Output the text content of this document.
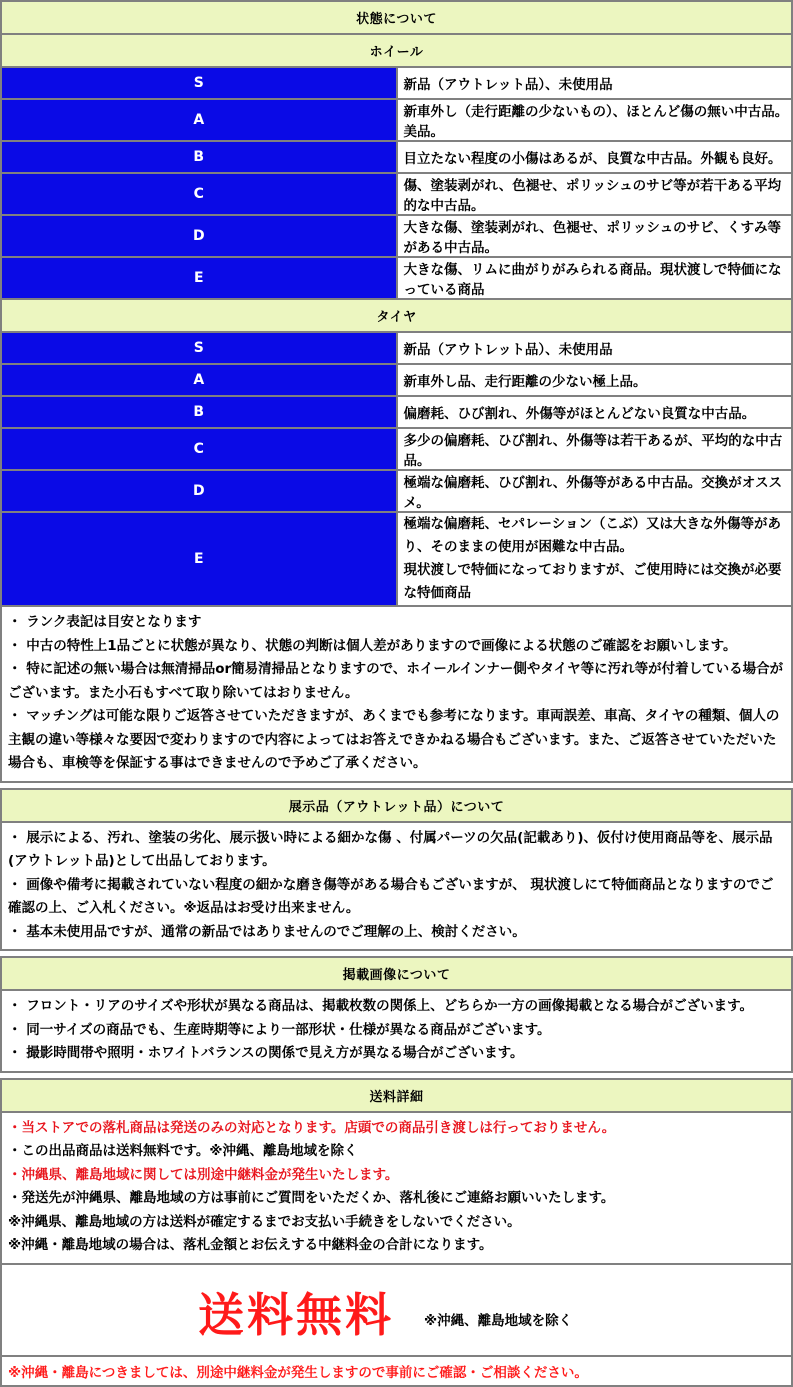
状態について	
ホイール	
S	新品（アウトレット品）、未使用品
A	新車外し（走行距離の少ないもの）、ほとんど傷の無い中古品。美品。
B	目立たない程度の小傷はあるが、良質な中古品。外観も良好。
C	傷、塗装剥がれ、色褪せ、ポリッシュのサビ等が若干ある平均的な中古品。
D	大きな傷、塗装剥がれ、色褪せ、ポリッシュのサビ、くすみ等がある中古品。
E	大きな傷、リムに曲がりがみられる商品。現状渡しで特価になっている商品
タイヤ	
S	新品（アウトレット品）、未使用品
A	新車外し品、走行距離の少ない極上品。
B	偏磨耗、ひび割れ、外傷等がほとんどない良質な中古品。
C	多少の偏磨耗、ひび割れ、外傷等は若干あるが、平均的な中古品。
D	極端な偏磨耗、ひび割れ、外傷等がある中古品。交換がオススメ。
E	極端な偏磨耗、セパレーション（こぶ）又は大きな外傷等があり、そのままの使用が困難な中古品。
現状渡しで特価になっておりますが、ご使用時には交換が必要な特価商品

・ ランク表記は目安となります
・ 中古の特性上1品ごとに状態が異なり、状態の判断は個人差がありますので画像による状態のご確認をお願いします。
・ 特に記述の無い場合は無清掃品or簡易清掃品となりますので、ホイールインナー側やタイヤ等に汚れ等が付着している場合がございます。また小石もすべて取り除いてはおりません。
・ マッチングは可能な限りご返答させていただきますが、あくまでも参考になります。車両誤差、車高、タイヤの種類、個人の主観の違い等様々な要因で変わりますので内容によってはお答えできかねる場合もございます。また、ご返答させていただいた場合も、車検等を保証する事はできませんので予めご了承ください。	
展示品（アウトレット品）について

・ 展示による、汚れ、塗装の劣化、展示扱い時による細かな傷 、付属パーツの欠品(記載あり)、仮付け使用商品等を、展示品(アウトレット品)として出品しております。
・ 画像や備考に掲載されていない程度の細かな磨き傷等がある場合もございますが、 現状渡しにて特価商品となりますのでご確認の上、ご入札ください。※返品はお受け出来ません。
・ 基本未使用品ですが、通常の新品ではありませんのでご理解の上、検討ください。
掲載画像について

・ フロント・リアのサイズや形状が異なる商品は、掲載枚数の関係上、どちらか一方の画像掲載となる場合がございます。
・ 同一サイズの商品でも、生産時期等により一部形状・仕様が異なる商品がございます。
・ 撮影時間帯や照明・ホワイトバランスの関係で見え方が異なる場合がございます。
送料詳細

・当ストアでの落札商品は発送のみの対応となります。店頭での商品引き渡しは行っておりません。
・この出品商品は送料無料です。※沖縄、離島地域を除く
・沖縄県、離島地域に関しては別途中継料金が発生いたします。
・発送先が沖縄県、離島地域の方は事前にご質問をいただくか、落札後にご連絡お願いいたします。
※沖縄県、離島地域の方は送料が確定するまでお支払い手続きをしないでください。
※沖縄・離島地域の場合は、落札金額とお伝えする中継料金の合計になります。

送料無料 ※沖縄、離島地域を除く

※沖縄・離島につきましては、別途中継料金が発生しますので事前にご確認・ご相談ください。
